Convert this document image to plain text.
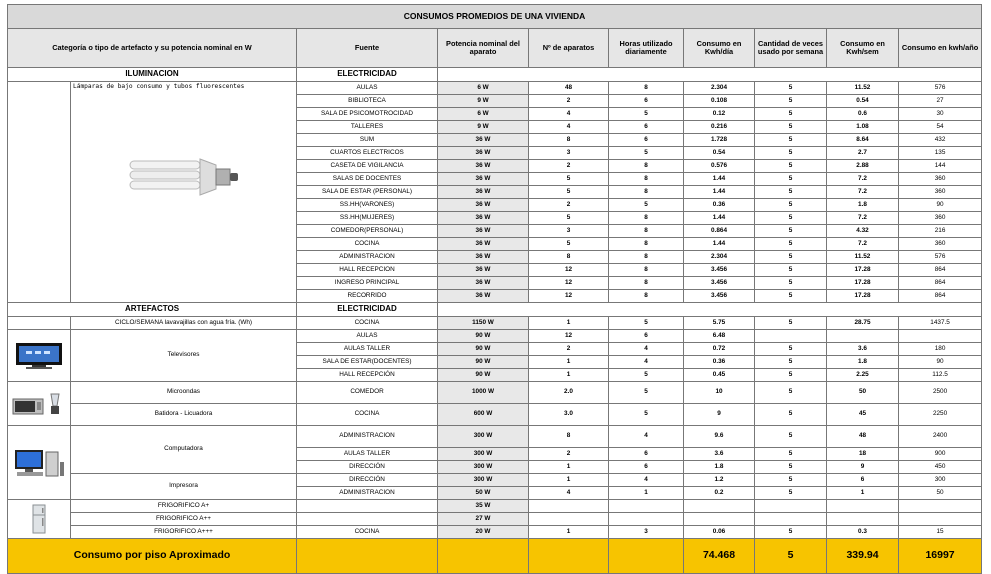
CONSUMOS PROMEDIOS DE UNA VIVIENDA									
Categoría o tipo de artefacto y su potencia nominal en W		Fuente	Potencia nominal del aparato	Nº de aparatos	Horas utilizado diariamente	Consumo en Kwh/día	Cantidad de veces usado por semana	Consumo en Kwh/sem	Consumo en kwh/año
ILUMINACION		ELECTRICIDAD							

	Lámparas de bajo consumo y tubos fluorescentes	AULAS	6 W	48	8	2.304	5	11.52	576
		BIBLIOTECA	9 W	2	6	0.108	5	0.54	27
		SALA DE PSICOMOTROCIDAD	6 W	4	5	0.12	5	0.6	30
		TALLERES	9 W	4	6	0.216	5	1.08	54
		SUM	36 W	8	6	1.728	5	8.64	432
		CUARTOS ELECTRICOS	36 W	3	5	0.54	5	2.7	135
		CASETA DE VIGILANCIA	36 W	2	8	0.576	5	2.88	144
		SALAS DE DOCENTES	36 W	5	8	1.44	5	7.2	360
		SALA DE ESTAR (PERSONAL)	36 W	5	8	1.44	5	7.2	360
		SS.HH(VARONES)	36 W	2	5	0.36	5	1.8	90
		SS.HH(MUJERES)	36 W	5	8	1.44	5	7.2	360
		COMEDOR(PERSONAL)	36 W	3	8	0.864	5	4.32	216
		COCINA	36 W	5	8	1.44	5	7.2	360
		ADMINISTRACION	36 W	8	8	2.304	5	11.52	576
		HALL RECEPCION	36 W	12	8	3.456	5	17.28	864
		INGRESO PRINCIPAL	36 W	12	8	3.456	5	17.28	864
		RECORRIDO	36 W	12	8	3.456	5	17.28	864
ARTEFACTOS		ELECTRICIDAD							
	CICLO/SEMANA lavavajillas con agua fría. (Wh)	COCINA	1150 W	1	5	5.75	5	28.75	1437.5

	Televisores	AULAS	90 W	12	6	6.48			
		AULAS TALLER	90 W	2	4	0.72	5	3.6	180
		SALA DE ESTAR(DOCENTES)	90 W	1	4	0.36	5	1.8	90
		HALL RECEPCIÓN	90 W	1	5	0.45	5	2.25	112.5

	Microondas	COMEDOR	1000 W	2.0	5	10	5	50	2500
	Batidora - Licuadora	COCINA	600 W	3.0	5	9	5	45	2250

	Computadora	ADMINISTRACION	300 W	8	4	9.6	5	48	2400
		AULAS TALLER	300 W	2	6	3.6	5	18	900
		DIRECCIÓN	300 W	1	6	1.8	5	9	450
	Impresora	DIRECCIÓN	300 W	1	4	1.2	5	6	300
		ADMINISTRACION	50 W	4	1	0.2	5	1	50

	FRIGORIFICO A+		35 W						
	FRIGORIFICO A++		27 W						
	FRIGORIFICO A+++	COCINA	20 W	1	3	0.06	5	0.3	15
Consumo por piso Aproximado						74.468	5	339.94	16997
